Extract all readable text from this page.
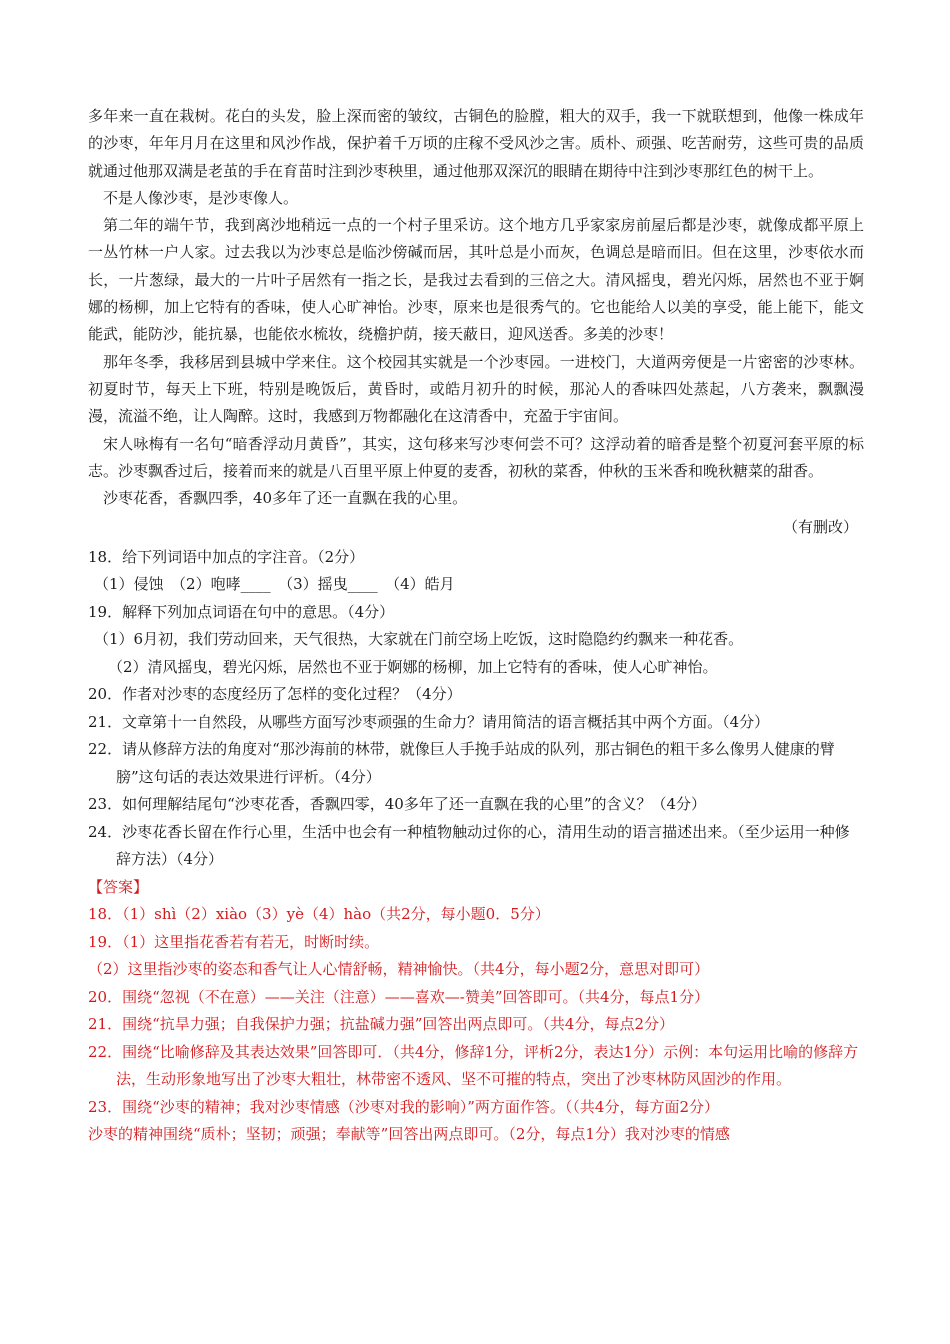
多年来一直在栽树。花白的头发，脸上深而密的皱纹，古铜色的脸膛，粗大的双手，我一下就联想到，他像一株成年的沙枣，年年月月在这里和风沙作战，保护着千万顷的庄稼不受风沙之害。质朴、顽强、吃苦耐劳，这些可贵的品质就通过他那双满是老茧的手在育苗时注到沙枣秧里，通过他那双深沉的眼睛在期待中注到沙枣那红色的树干上。

不是人像沙枣，是沙枣像人。

第二年的端午节，我到离沙地稍远一点的一个村子里采访。这个地方几乎家家房前屋后都是沙枣，就像成都平原上一丛竹林一户人家。过去我以为沙枣总是临沙傍碱而居，其叶总是小而灰，色调总是暗而旧。但在这里，沙枣依水而长，一片葱绿，最大的一片叶子居然有一指之长，是我过去看到的三倍之大。清风摇曳，碧光闪烁，居然也不亚于婀娜的杨柳，加上它特有的香味，使人心旷神怡。沙枣，原来也是很秀气的。它也能给人以美的享受，能上能下，能文能武，能防沙，能抗暴，也能依水梳妆，绕檐护荫，接天蔽日，迎风送香。多美的沙枣！

那年冬季，我移居到县城中学来住。这个校园其实就是一个沙枣园。一进校门，大道两旁便是一片密密的沙枣林。初夏时节，每天上下班，特别是晚饭后，黄昏时，或皓月初升的时候，那沁人的香味四处蒸起，八方袭来，飘飘漫漫，流溢不绝，让人陶醉。这时，我感到万物都融化在这清香中，充盈于宇宙间。

宋人咏梅有一名句“暗香浮动月黄昏”，其实，这句移来写沙枣何尝不可？这浮动着的暗香是整个初夏河套平原的标志。沙枣飘香过后，接着而来的就是八百里平原上仲夏的麦香，初秋的菜香，仲秋的玉米香和晚秋糖菜的甜香。

沙枣花香，香飘四季，40多年了还一直飘在我的心里。

（有删改）

18．给下列词语中加点的字注音。（2分）

（1）侵蚀　（2）咆哮____　（3）摇曳____　（4）皓月

19．解释下列加点词语在句中的意思。（4分）

（1）6月初，我们劳动回来，天气很热，大家就在门前空场上吃饭，这时隐隐约约飘来一种花香。

（2）清风摇曳，碧光闪烁，居然也不亚于婀娜的杨柳，加上它特有的香味，使人心旷神怡。

20．作者对沙枣的态度经历了怎样的变化过程？（4分）

21．文章第十一自然段，从哪些方面写沙枣顽强的生命力？请用简洁的语言概括其中两个方面。（4分）

22．请从修辞方法的角度对“那沙海前的林带，就像巨人手挽手站成的队列，那古铜色的粗干多么像男人健康的臂膀”这句话的表达效果进行评析。（4分）

23．如何理解结尾句“沙枣花香，香飘四零，40多年了还一直飘在我的心里”的含义？（4分）

24．沙枣花香长留在作行心里，生活中也会有一种植物触动过你的心，清用生动的语言描述出来。（至少运用一种修辞方法）（4分）

【答案】

18．（1）shì（2）xiào（3）yè（4）hào（共2分，每小题0．5分）

19．（1）这里指花香若有若无，时断时续。

（2）这里指沙枣的姿态和香气让人心情舒畅，精神愉快。（共4分，每小题2分，意思对即可）

20．围绕“忽视（不在意）——关注（注意）——喜欢—-赞美”回答即可。（共4分，每点1分）

21．围绕“抗旱力强；自我保护力强；抗盐碱力强”回答出两点即可。（共4分，每点2分）

22．围绕“比喻修辞及其表达效果”回答即可．（共4分，修辞1分，评析2分，表达1分）示例：本句运用比喻的修辞方法，生动形象地写出了沙枣大粗壮，林带密不透风、坚不可摧的特点，突出了沙枣林防风固沙的作用。

23．围绕“沙枣的精神；我对沙枣情感（沙枣对我的影响）”两方面作答。（（共4分，每方面2分）

沙枣的精神围绕“质朴；坚韧；顽强；奉献等”回答出两点即可。（2分，每点1分）我对沙枣的情感
